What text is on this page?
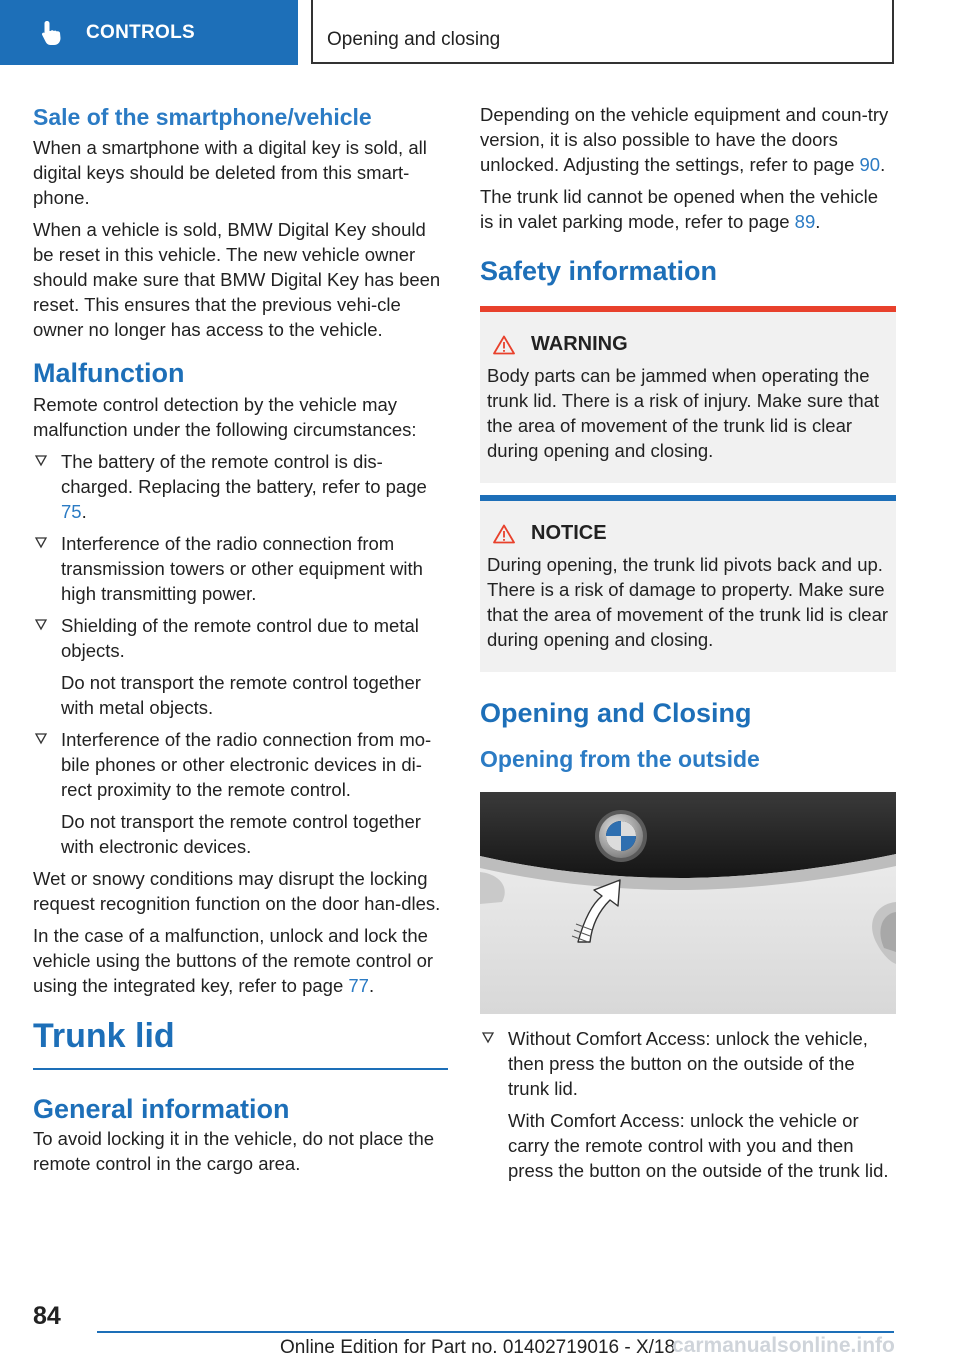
CONTROLS	Opening and closing
Sale of the smartphone/vehicle

When a smartphone with a digital key is sold, all digital keys should be deleted from this smart-phone.

When a vehicle is sold, BMW Digital Key should be reset in this vehicle. The new vehicle owner should make sure that BMW Digital Key has been reset. This ensures that the previous vehi-cle owner no longer has access to the vehicle.

Malfunction

Remote control detection by the vehicle may malfunction under the following circumstances:

The battery of the remote control is dis-charged. Replacing the battery, refer to page 75.
Interference of the radio connection from transmission towers or other equipment with high transmitting power.
Shielding of the remote control due to metal objects.

Do not transport the remote control together with metal objects.

Interference of the radio connection from mo-bile phones or other electronic devices in di-rect proximity to the remote control.

Do not transport the remote control together with electronic devices.

Wet or snowy conditions may disrupt the locking request recognition function on the door han-dles.

In the case of a malfunction, unlock and lock the vehicle using the buttons of the remote control or using the integrated key, refer to page 77.

Trunk lid
General information

To avoid locking it in the vehicle, do not place the remote control in the cargo area.

Depending on the vehicle equipment and coun-try version, it is also possible to have the doors unlocked. Adjusting the settings, refer to page 90.

The trunk lid cannot be opened when the vehicle is in valet parking mode, refer to page 89.

Safety information
WARNING
Body parts can be jammed when operating the trunk lid. There is a risk of injury. Make sure that the area of movement of the trunk lid is clear during opening and closing.
NOTICE
During opening, the trunk lid pivots back and up. There is a risk of damage to property. Make sure that the area of movement of the trunk lid is clear during opening and closing.
Opening and Closing
Opening from the outside
Without Comfort Access: unlock the vehicle, then press the button on the outside of the trunk lid.

With Comfort Access: unlock the vehicle or carry the remote control with you and then press the button on the outside of the trunk lid.

84
Online Edition for Part no. 01402719016 - X/18
carmanualsonline.info
